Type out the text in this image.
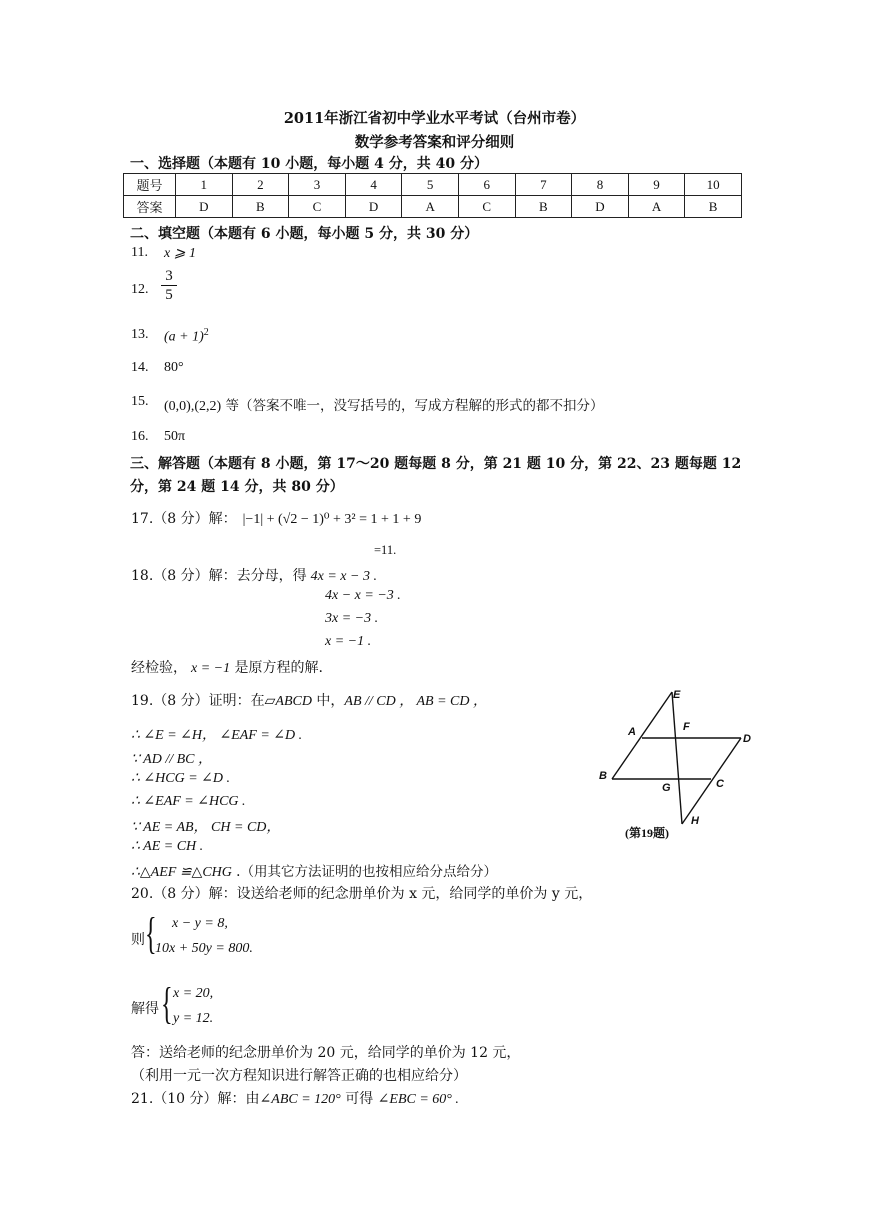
2011年浙江省初中学业水平考试（台州市卷）
数学参考答案和评分细则
一、选择题（本题有 10 小题，每小题 4 分，共 40 分）
题号	1	2	3	4	5	6	7	8	9	10
答案	D	B	C	D	A	C	B	D	A	B
二、填空题（本题有 6 小题，每小题 5 分，共 30 分）
11. x ⩾ 1
12. $\frac{3}{5}$
13. $(a + 1)^2$
14. 80°
15. (0,0),(2,2) 等（答案不唯一，没写括号的，写成方程解的形式的都不扣分）
16. 50π
三、解答题（本题有 8 小题，第 17～20 题每题 8 分，第 21 题 10 分，第 22、23 题每题 12
分，第 24 题 14 分，共 80 分）
17.（8 分）解： |−1| + (√2 − 1)⁰ + 3² = 1 + 1 + 9
=11.
18.（8 分）解：去分母，得 4x = x − 3 .
4x − x = −3 .
3x = −3 .
x = −1 .
经检验， x = −1 是原方程的解.
19.（8 分）证明：在▱ABCD 中，AB // CD ， AB = CD ，
∴ ∠E = ∠H， ∠EAF = ∠D .
∵ AD // BC ，
∴ ∠HCG = ∠D .
∴ ∠EAF = ∠HCG .
∵ AE = AB， CH = CD，
∴ AE = CH .
∴△AEF ≌△CHG .（用其它方法证明的也按相应给分点给分）
E
A	F
D
B
G	C
H
(第19题)
20.（8 分）解：设送给老师的纪念册单价为 x 元，给同学的单价为 y 元，
则 { x − y = 8,
10x + 50y = 800.
解得 { x = 20,
y = 12.
答：送给老师的纪念册单价为 20 元，给同学的单价为 12 元，
（利用一元一次方程知识进行解答正确的也相应给分）
21.（10 分）解：由∠ABC = 120° 可得 ∠EBC = 60° .
